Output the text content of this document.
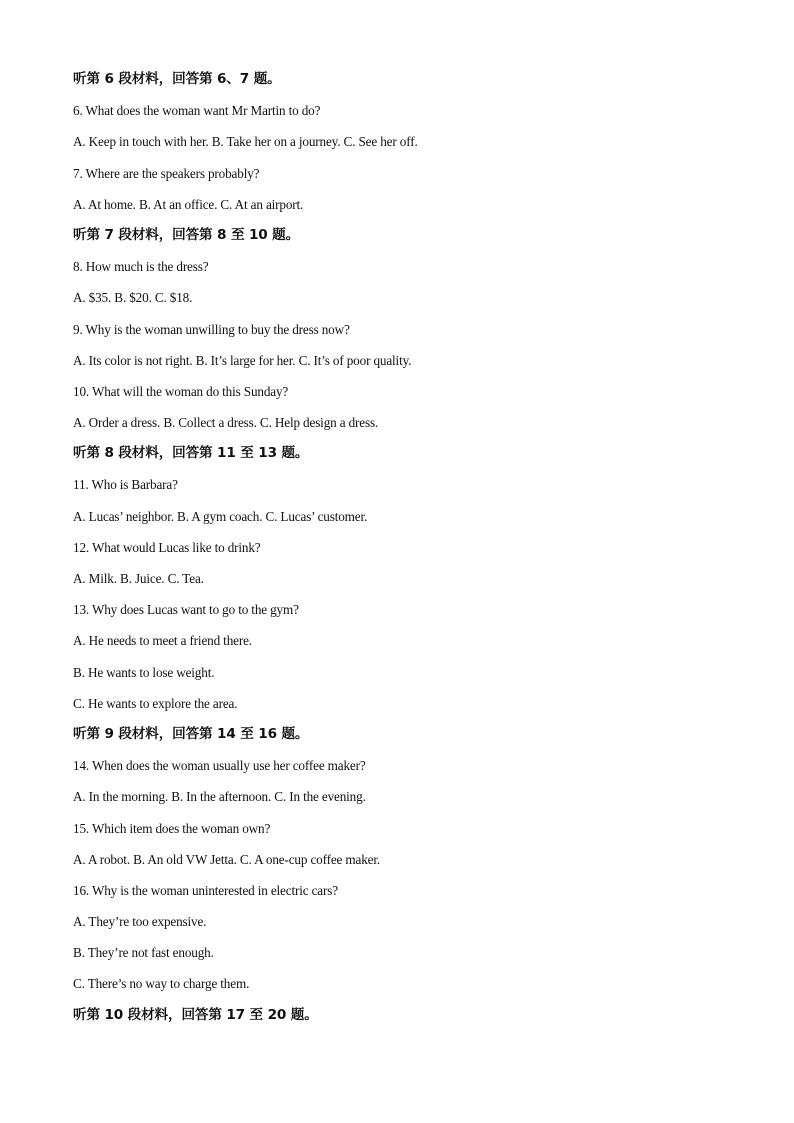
听第 6 段材料，回答第 6、7 题。
6. What does the woman want Mr Martin to do?
A. Keep in touch with her. B. Take her on a journey. C. See her off.
7. Where are the speakers probably?
A. At home. B. At an office. C. At an airport.
听第 7 段材料，回答第 8 至 10 题。
8. How much is the dress?
A. $35. B. $20. C. $18.
9. Why is the woman unwilling to buy the dress now?
A. Its color is not right. B. It’s large for her. C. It’s of poor quality.
10. What will the woman do this Sunday?
A. Order a dress. B. Collect a dress. C. Help design a dress.
听第 8 段材料，回答第 11 至 13 题。
11. Who is Barbara?
A. Lucas’ neighbor. B. A gym coach. C. Lucas’ customer.
12. What would Lucas like to drink?
A. Milk. B. Juice. C. Tea.
13. Why does Lucas want to go to the gym?
A. He needs to meet a friend there.
B. He wants to lose weight.
C. He wants to explore the area.
听第 9 段材料，回答第 14 至 16 题。
14. When does the woman usually use her coffee maker?
A. In the morning. B. In the afternoon. C. In the evening.
15. Which item does the woman own?
A. A robot. B. An old VW Jetta. C. A one-cup coffee maker.
16. Why is the woman uninterested in electric cars?
A. They’re too expensive.
B. They’re not fast enough.
C. There’s no way to charge them.
听第 10 段材料，回答第 17 至 20 题。
